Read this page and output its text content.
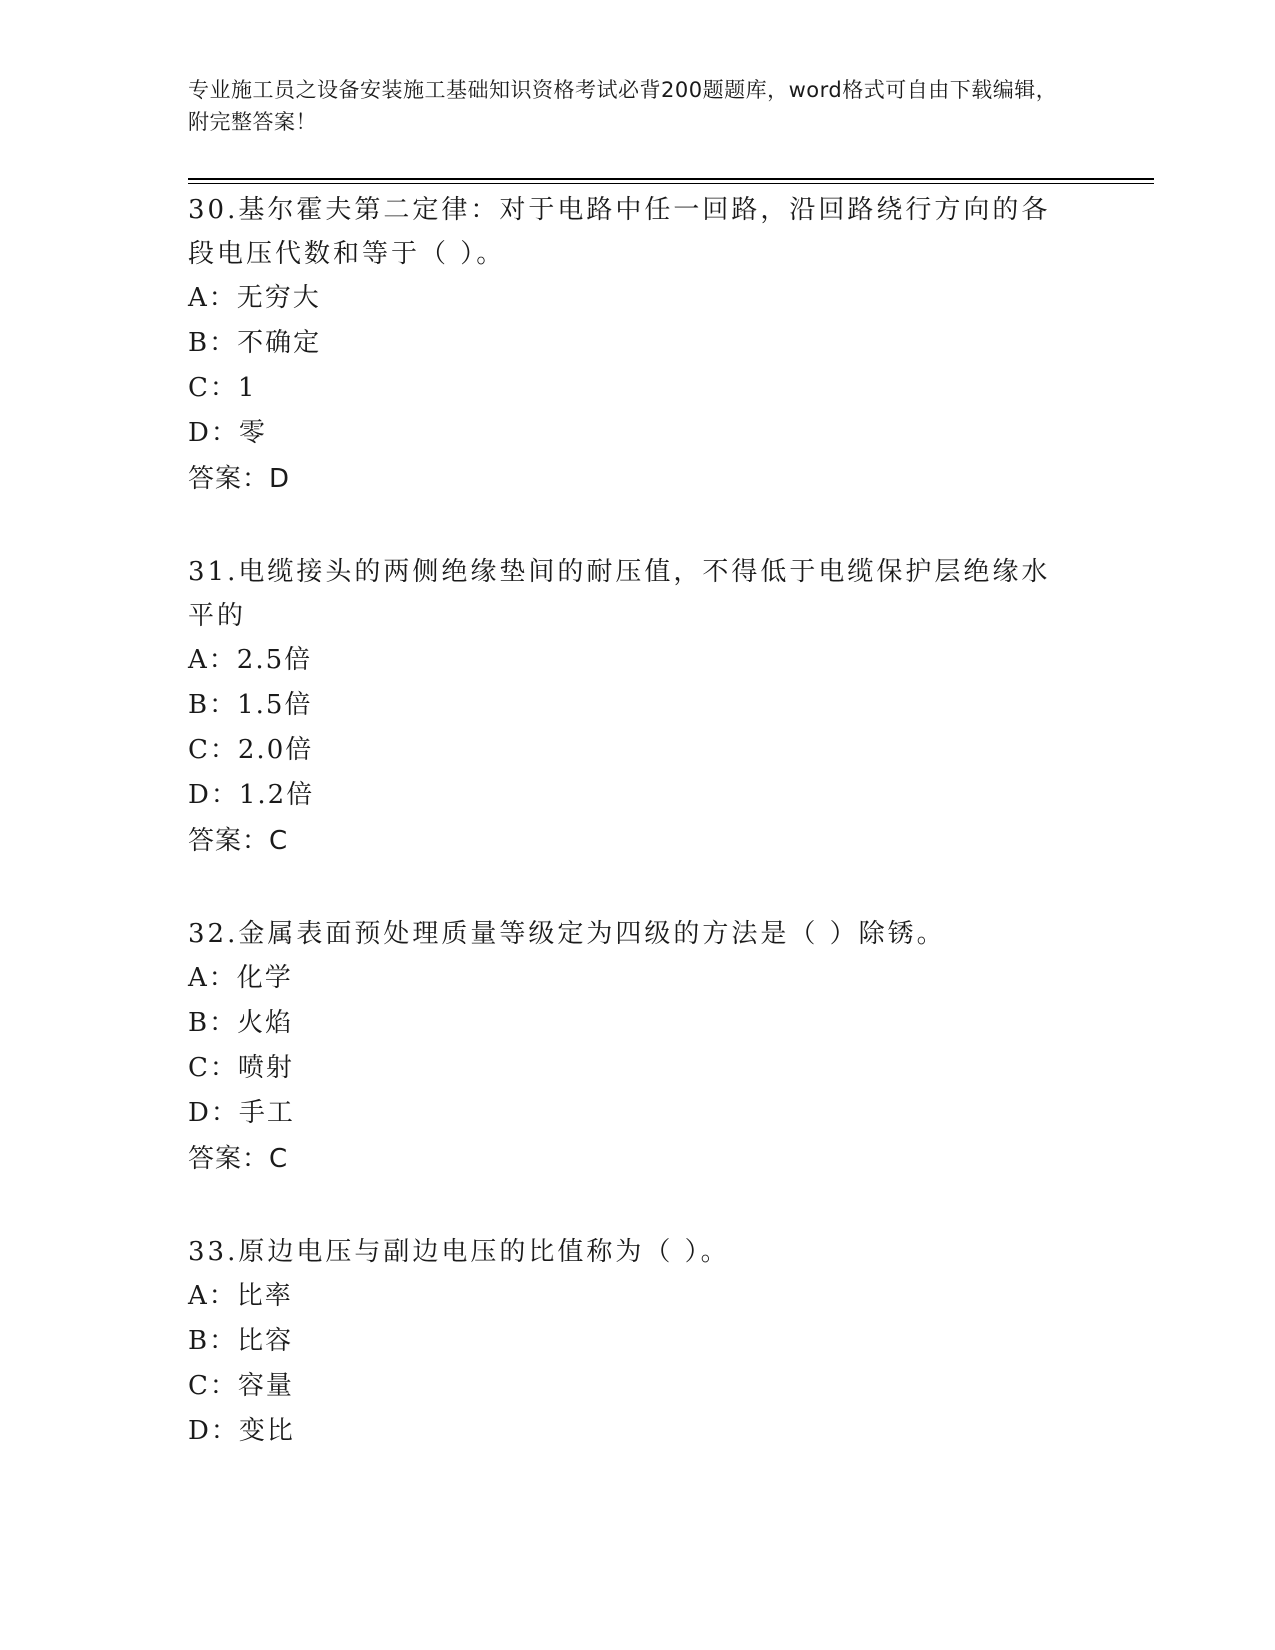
专业施工员之设备安装施工基础知识资格考试必背200题题库，word格式可自由下载编辑，附完整答案！

30.基尔霍夫第二定律：对于电路中任一回路，沿回路绕行方向的各段电压代数和等于（ ）。

A：无穷大

B：不确定

C：1

D：零

答案：D

31.电缆接头的两侧绝缘垫间的耐压值，不得低于电缆保护层绝缘水平的

A：2.5倍

B：1.5倍

C：2.0倍

D：1.2倍

答案：C

32.金属表面预处理质量等级定为四级的方法是（ ）除锈。

A：化学

B：火焰

C：喷射

D：手工

答案：C

33.原边电压与副边电压的比值称为（ ）。

A：比率

B：比容

C：容量

D：变比
